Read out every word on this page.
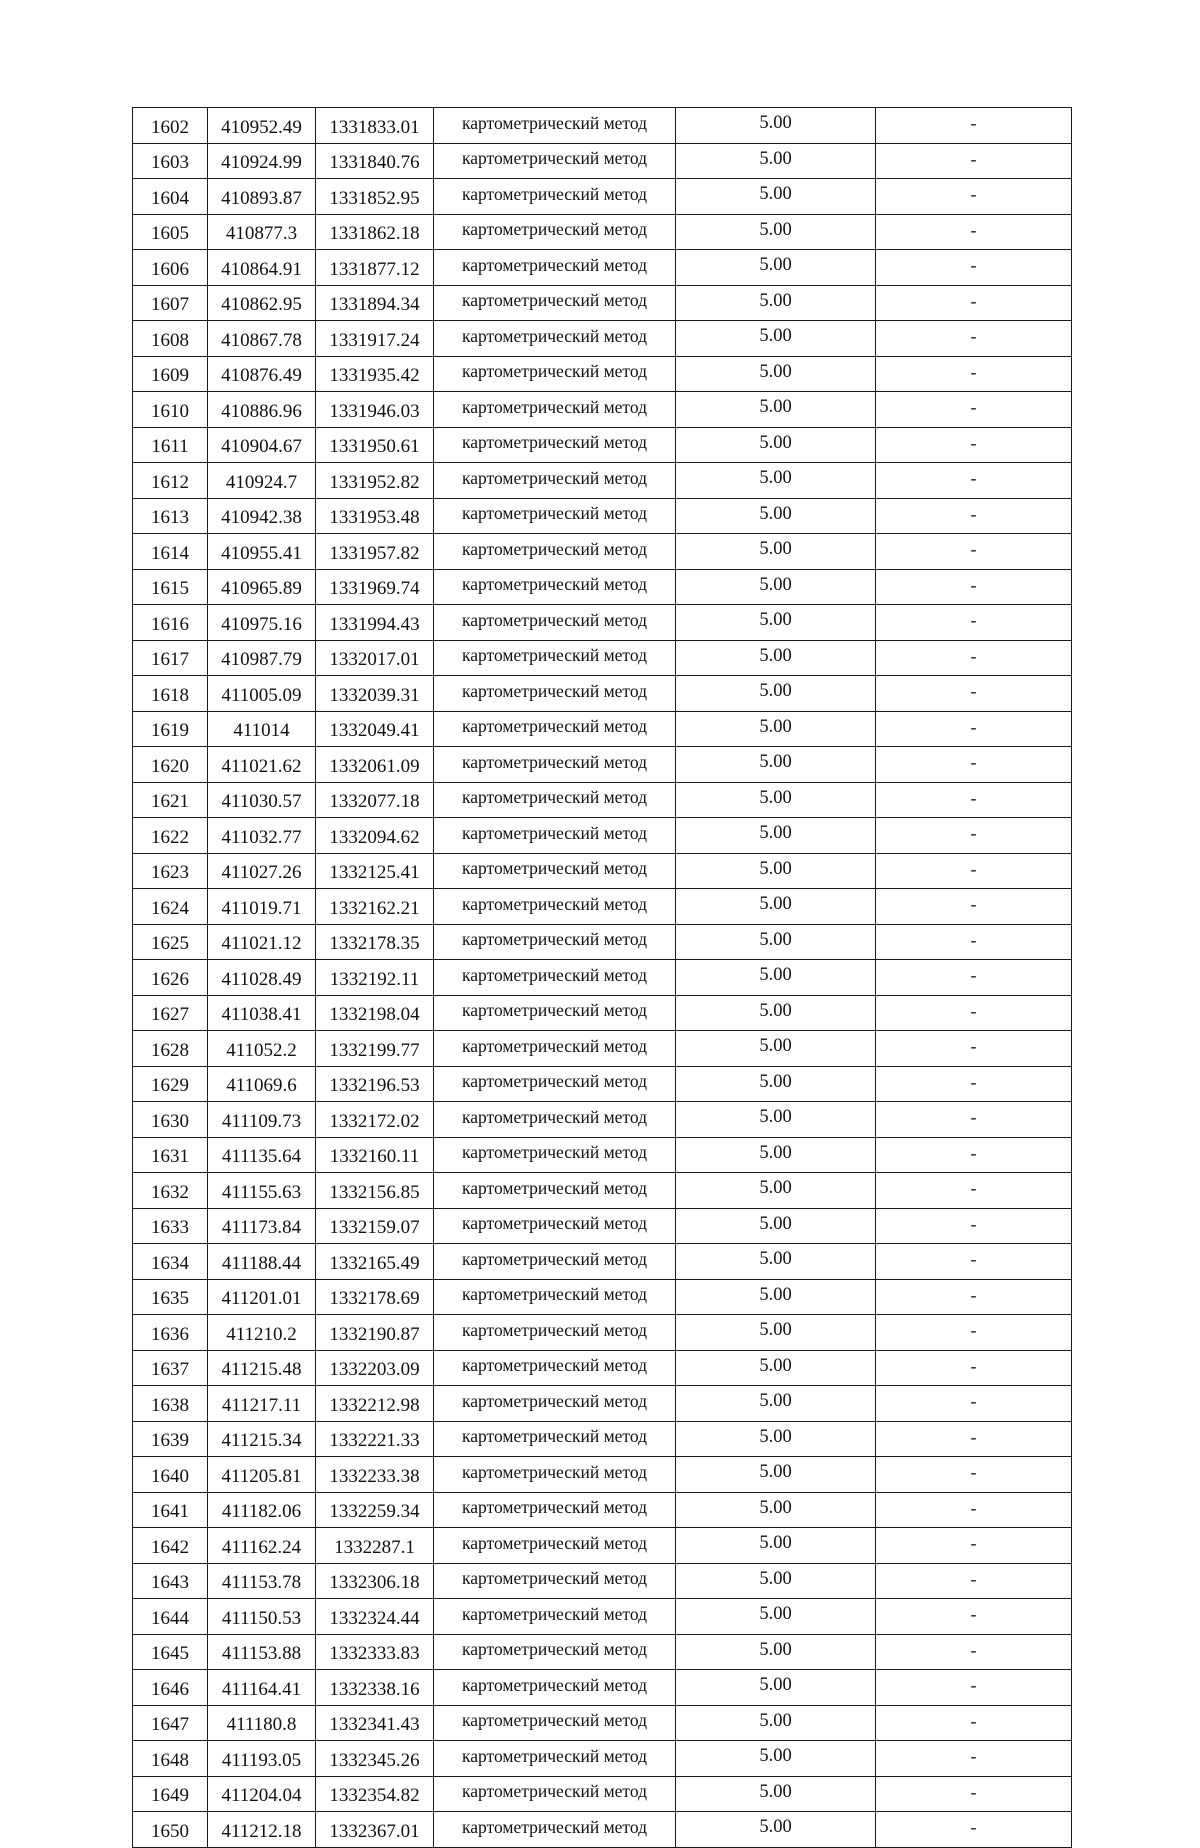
1602	410952.49	1331833.01	картометрический метод	5.00	-
1603	410924.99	1331840.76	картометрический метод	5.00	-
1604	410893.87	1331852.95	картометрический метод	5.00	-
1605	410877.3	1331862.18	картометрический метод	5.00	-
1606	410864.91	1331877.12	картометрический метод	5.00	-
1607	410862.95	1331894.34	картометрический метод	5.00	-
1608	410867.78	1331917.24	картометрический метод	5.00	-
1609	410876.49	1331935.42	картометрический метод	5.00	-
1610	410886.96	1331946.03	картометрический метод	5.00	-
1611	410904.67	1331950.61	картометрический метод	5.00	-
1612	410924.7	1331952.82	картометрический метод	5.00	-
1613	410942.38	1331953.48	картометрический метод	5.00	-
1614	410955.41	1331957.82	картометрический метод	5.00	-
1615	410965.89	1331969.74	картометрический метод	5.00	-
1616	410975.16	1331994.43	картометрический метод	5.00	-
1617	410987.79	1332017.01	картометрический метод	5.00	-
1618	411005.09	1332039.31	картометрический метод	5.00	-
1619	411014	1332049.41	картометрический метод	5.00	-
1620	411021.62	1332061.09	картометрический метод	5.00	-
1621	411030.57	1332077.18	картометрический метод	5.00	-
1622	411032.77	1332094.62	картометрический метод	5.00	-
1623	411027.26	1332125.41	картометрический метод	5.00	-
1624	411019.71	1332162.21	картометрический метод	5.00	-
1625	411021.12	1332178.35	картометрический метод	5.00	-
1626	411028.49	1332192.11	картометрический метод	5.00	-
1627	411038.41	1332198.04	картометрический метод	5.00	-
1628	411052.2	1332199.77	картометрический метод	5.00	-
1629	411069.6	1332196.53	картометрический метод	5.00	-
1630	411109.73	1332172.02	картометрический метод	5.00	-
1631	411135.64	1332160.11	картометрический метод	5.00	-
1632	411155.63	1332156.85	картометрический метод	5.00	-
1633	411173.84	1332159.07	картометрический метод	5.00	-
1634	411188.44	1332165.49	картометрический метод	5.00	-
1635	411201.01	1332178.69	картометрический метод	5.00	-
1636	411210.2	1332190.87	картометрический метод	5.00	-
1637	411215.48	1332203.09	картометрический метод	5.00	-
1638	411217.11	1332212.98	картометрический метод	5.00	-
1639	411215.34	1332221.33	картометрический метод	5.00	-
1640	411205.81	1332233.38	картометрический метод	5.00	-
1641	411182.06	1332259.34	картометрический метод	5.00	-
1642	411162.24	1332287.1	картометрический метод	5.00	-
1643	411153.78	1332306.18	картометрический метод	5.00	-
1644	411150.53	1332324.44	картометрический метод	5.00	-
1645	411153.88	1332333.83	картометрический метод	5.00	-
1646	411164.41	1332338.16	картометрический метод	5.00	-
1647	411180.8	1332341.43	картометрический метод	5.00	-
1648	411193.05	1332345.26	картометрический метод	5.00	-
1649	411204.04	1332354.82	картометрический метод	5.00	-
1650	411212.18	1332367.01	картометрический метод	5.00	-
